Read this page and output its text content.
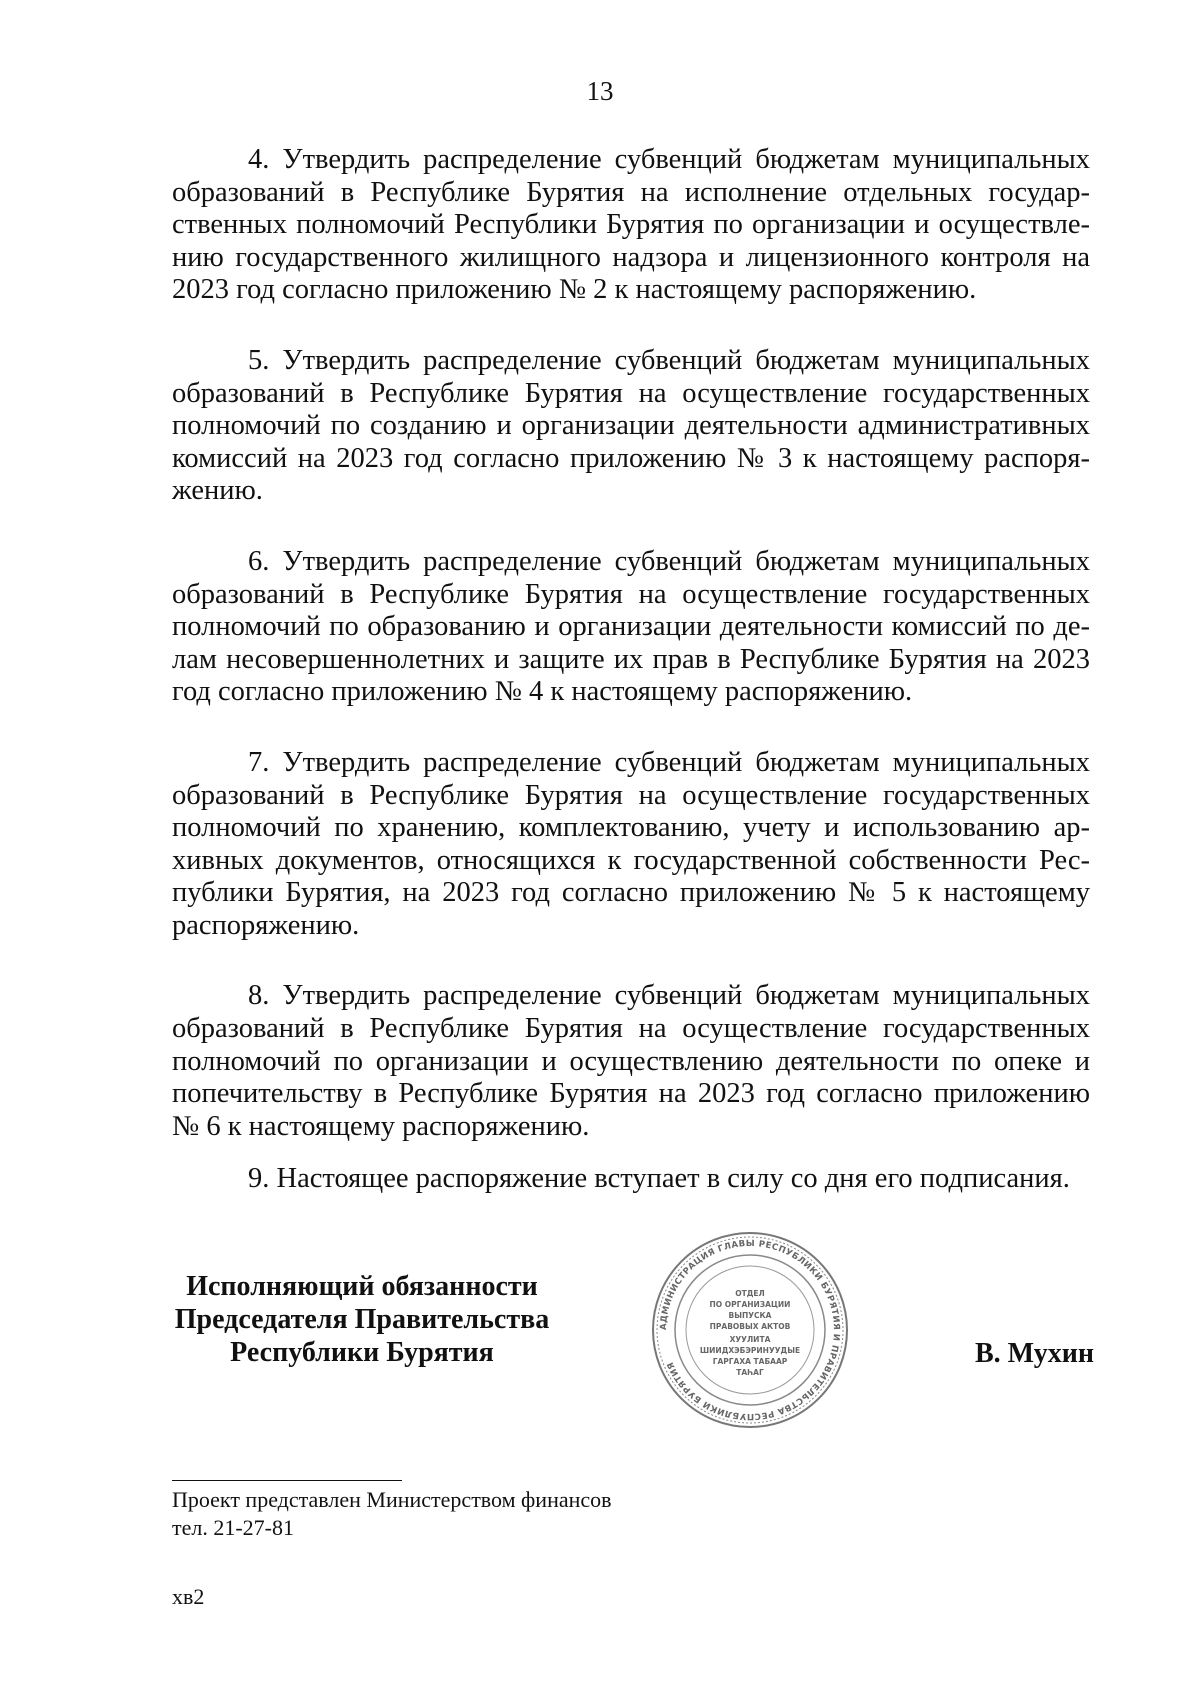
13

4. Утвердить распределение субвенций бюджетам муниципальных образований в Республике Бурятия на исполнение отдельных государственных полномочий Республики Бурятия по организации и осуществлению государственного жилищного надзора и лицензионного контроля на 2023 год согласно приложению № 2 к настоящему распоряжению.

5. Утвердить распределение субвенций бюджетам муниципальных образований в Республике Бурятия на осуществление государственных полномочий по созданию и организации деятельности административных комиссий на 2023 год согласно приложению № 3 к настоящему распоряжению.

6. Утвердить распределение субвенций бюджетам муниципальных образований в Республике Бурятия на осуществление государственных полномочий по образованию и организации деятельности комиссий по делам несовершеннолетних и защите их прав в Республике Бурятия на 2023 год согласно приложению № 4 к настоящему распоряжению.

7. Утвердить распределение субвенций бюджетам муниципальных образований в Республике Бурятия на осуществление государственных полномочий по хранению, комплектованию, учету и использованию архивных документов, относящихся к государственной собственности Республики Бурятия, на 2023 год согласно приложению № 5 к настоящему распоряжению.

8. Утвердить распределение субвенций бюджетам муниципальных образований в Республике Бурятия на осуществление государственных полномочий по организации и осуществлению деятельности по опеке и попечительству в Республике Бурятия на 2023 год согласно приложению № 6 к настоящему распоряжению.

9. Настоящее распоряжение вступает в силу со дня его подписания.

Исполняющий обязанности
Председателя Правительства
Республики Бурятия
АДМИНИСТРАЦИЯ ГЛАВЫ РЕСПУБЛИКИ БУРЯТИЯ И ПРАВИТЕЛЬСТВА РЕСПУБЛИКИ БУРЯТИЯ
ОТДЕЛ
ПО ОРГАНИЗАЦИИ
ВЫПУСКА
ПРАВОВЫХ АКТОВ
ХУУЛИТА
ШИИДХЭБЭРИНУУДЫЕ
ГАРГАХА ТАБААР
ТАҺАГ
В. Мухин
Проект представлен Министерством финансов
тел. 21-27-81
хв2
